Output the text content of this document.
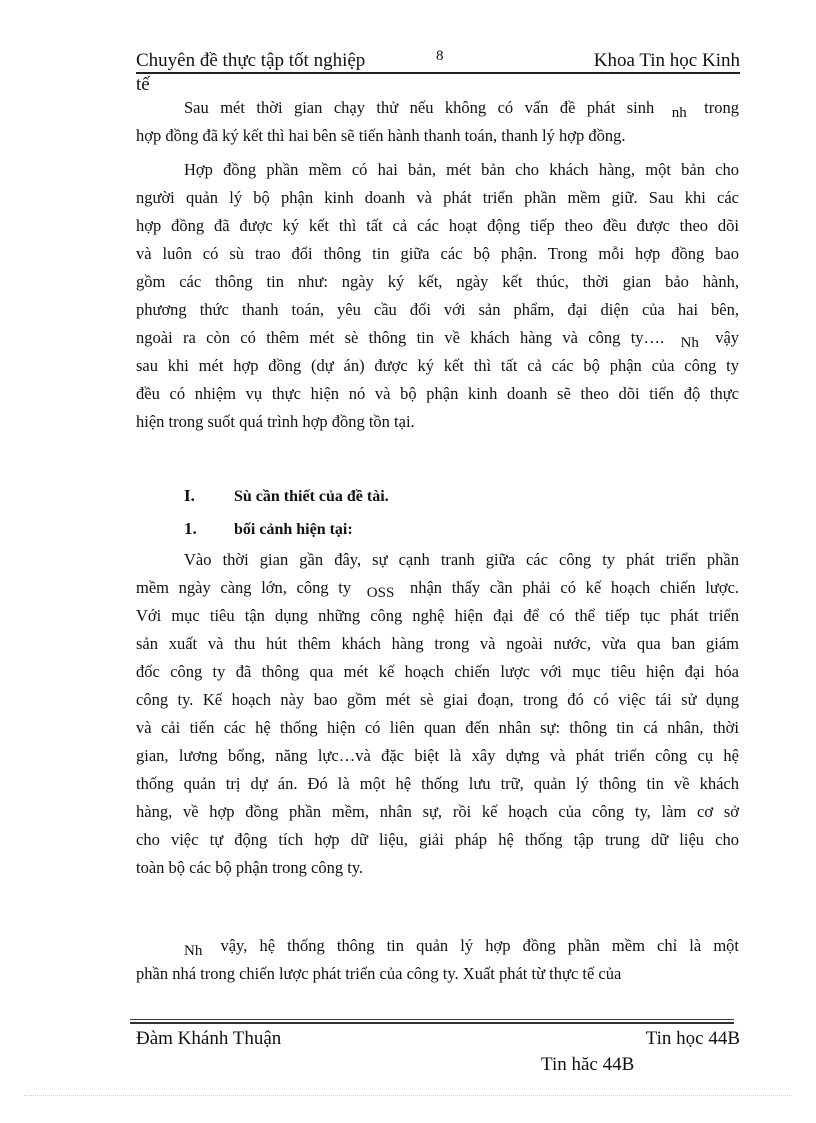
Chuyên đề thực tập tốt nghiệp	8	Khoa Tin học Kinh
tế
Sau mét thời gian chạy thử nếu không có vấn đề phát sinh nh trong
hợp đồng đã ký kết thì hai bên sẽ tiến hành thanh toán, thanh lý hợp đồng.
Hợp đồng phần mềm có hai bản, mét bản cho khách hàng, một bản cho
người quản lý bộ phận kinh doanh và phát triển phần mềm giữ. Sau khi các
hợp đồng đã được ký kết thì tất cả các hoạt động tiếp theo đều được theo dõi
và luôn có sù trao đổi thông tin giữa các bộ phận. Trong mỗi hợp đồng bao
gồm các thông tin như: ngày ký kết, ngày kết thúc, thời gian bảo hành,
phương thức thanh toán, yêu cầu đối với sản phẩm, đại diện của hai bên,
ngoài ra còn có thêm mét sè thông tin về khách hàng và công ty…. Nh vậy
sau khi mét hợp đồng (dự án) được ký kết thì tất cả các bộ phận của công ty
đều có nhiệm vụ thực hiện nó và bộ phận kinh doanh sẽ theo dõi tiến độ thực
hiện trong suốt quá trình hợp đồng tồn tại.
I. Sù cần thiết của đề tài.
1. bối cảnh hiện tại:
Vào thời gian gần đây, sự cạnh tranh giữa các công ty phát triển phần
mềm ngày càng lớn, công ty OSS nhận thấy cần phải có kế hoạch chiến lược.
Với mục tiêu tận dụng những công nghệ hiện đại để có thể tiếp tục phát triển
sản xuất và thu hút thêm khách hàng trong và ngoài nước, vừa qua ban giám
đốc công ty đã thông qua mét kế hoạch chiến lược với mục tiêu hiện đại hóa
công ty. Kế hoạch này bao gồm mét sè giai đoạn, trong đó có việc tái sử dụng
và cải tiến các hệ thống hiện có liên quan đến nhân sự: thông tin cá nhân, thời
gian, lương bổng, năng lực…và đặc biệt là xây dựng và phát triển công cụ hệ
thống quản trị dự án. Đó là một hệ thống lưu trữ, quản lý thông tin về khách
hàng, về hợp đồng phần mềm, nhân sự, rồi kế hoạch của công ty, làm cơ sở
cho việc tự động tích hợp dữ liệu, giải pháp hệ thống tập trung dữ liệu cho
toàn bộ các bộ phận trong công ty.
Nh vậy, hệ thống thông tin quản lý hợp đồng phần mềm chỉ là một
phần nhá trong chiến lược phát triển của công ty. Xuất phát từ thực tế của
Đàm Khánh Thuận	Tin học 44B
Tin hăc 44B
